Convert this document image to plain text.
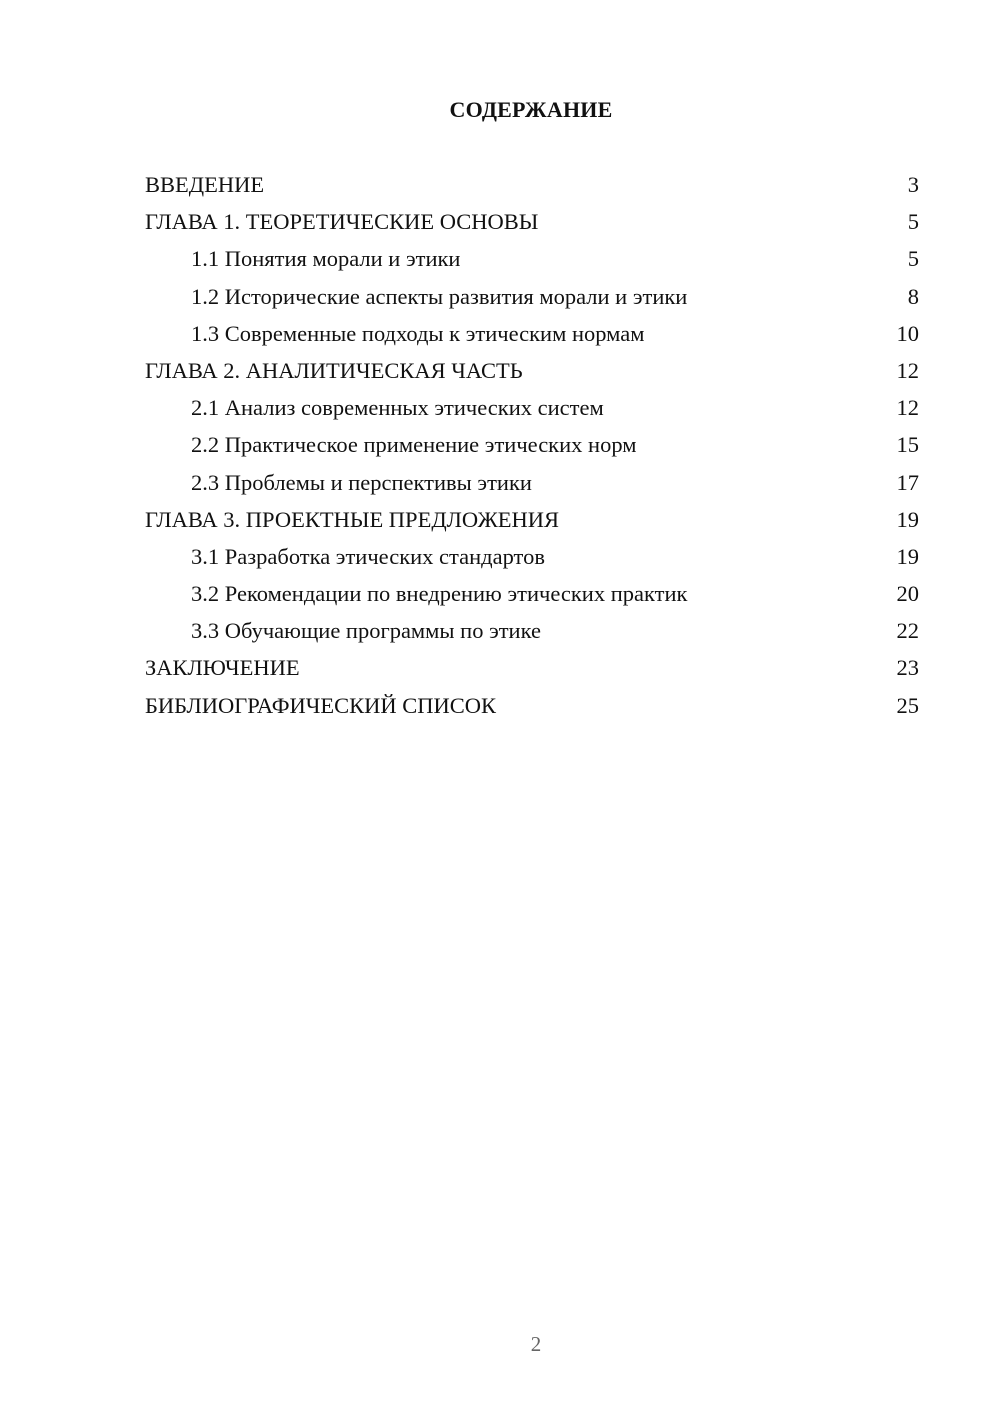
СОДЕРЖАНИЕ
ВВЕДЕНИЕ	3
ГЛАВА 1. ТЕОРЕТИЧЕСКИЕ ОСНОВЫ	5
1.1 Понятия морали и этики	5
1.2 Исторические аспекты развития морали и этики	8
1.3 Современные подходы к этическим нормам	10
ГЛАВА 2. АНАЛИТИЧЕСКАЯ ЧАСТЬ	12
2.1 Анализ современных этических систем	12
2.2 Практическое применение этических норм	15
2.3 Проблемы и перспективы этики	17
ГЛАВА 3. ПРОЕКТНЫЕ ПРЕДЛОЖЕНИЯ	19
3.1 Разработка этических стандартов	19
3.2 Рекомендации по внедрению этических практик	20
3.3 Обучающие программы по этике	22
ЗАКЛЮЧЕНИЕ	23
БИБЛИОГРАФИЧЕСКИЙ СПИСОК	25
2
